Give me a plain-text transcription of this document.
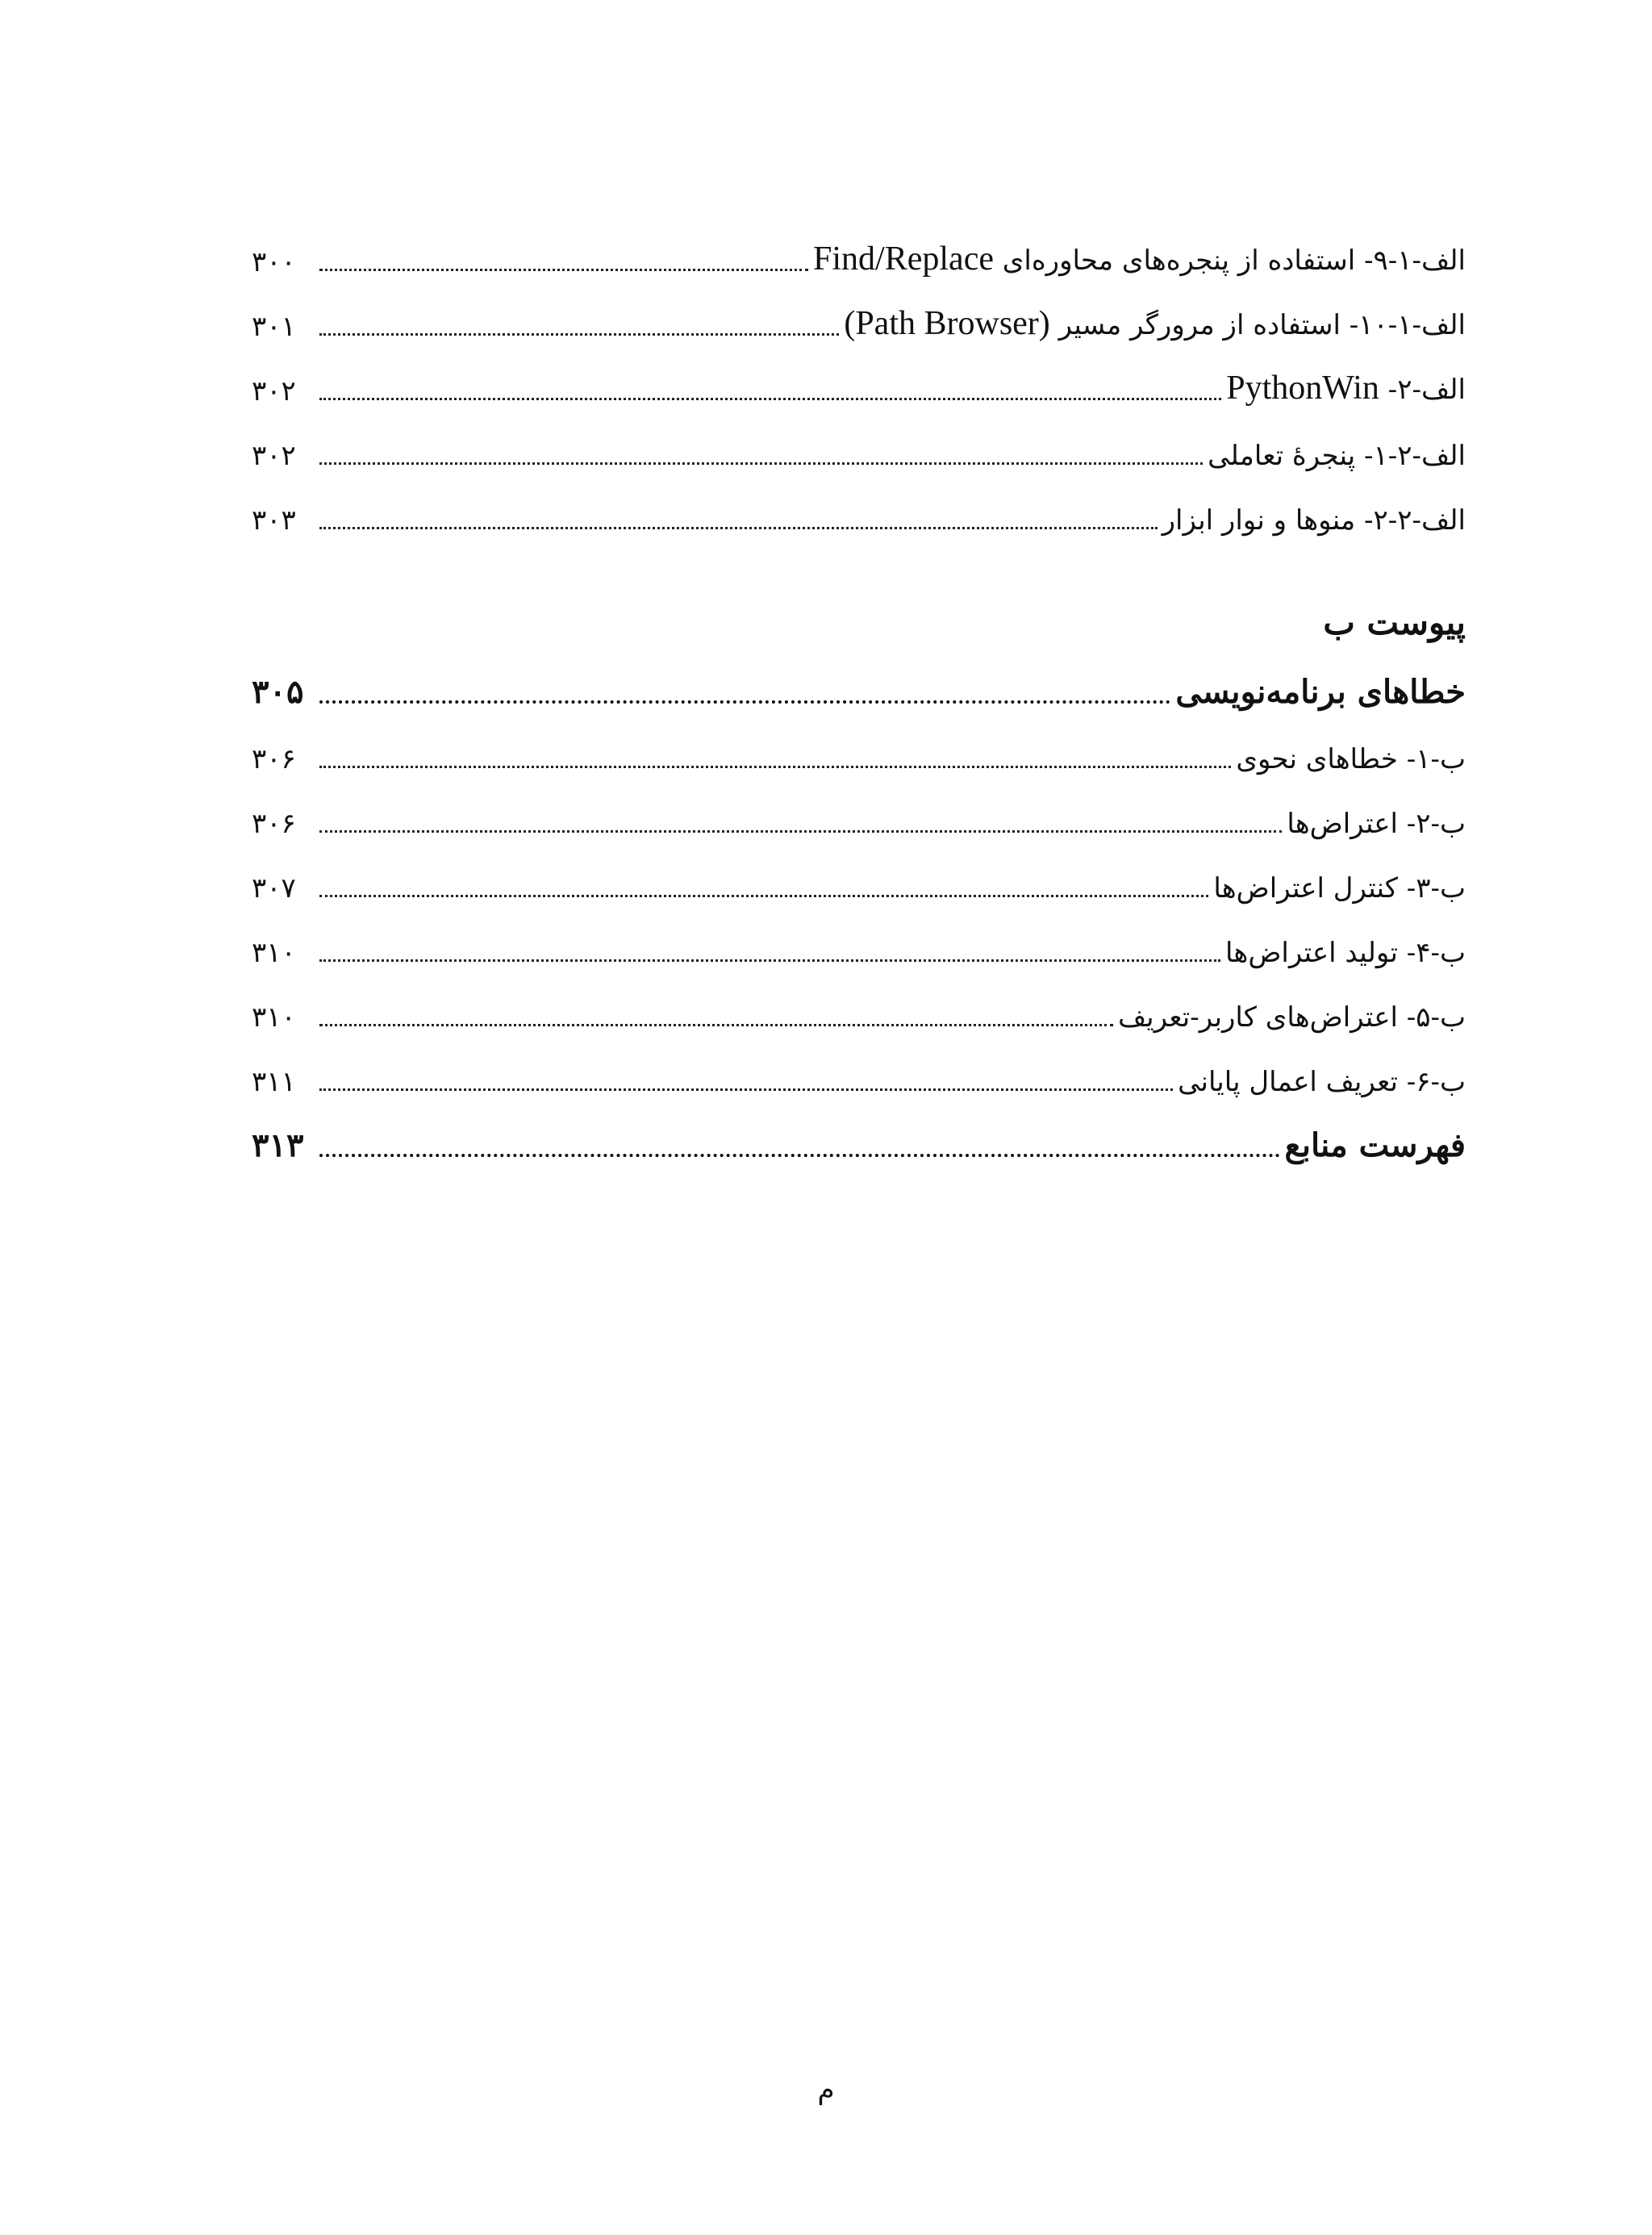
الف-۱-۹- استفاده از پنجره‌های محاوره‌ای Find/Replace
۳۰۰
الف-۱-۱۰- استفاده از مرورگر مسیر (Path Browser)
۳۰۱
الف-۲- PythonWin
۳۰۲
الف-۲-۱- پنجرۀ تعاملی
۳۰۲
الف-۲-۲- منوها و نوار ابزار
۳۰۳
پیوست ب
خطاهای برنامه‌نویسی
۳۰۵
ب-۱- خطاهای نحوی
۳۰۶
ب-۲- اعتراض‌ها
۳۰۶
ب-۳- کنترل اعتراض‌ها
۳۰۷
ب-۴- تولید اعتراض‌ها
۳۱۰
ب-۵- اعتراض‌های کاربر-تعریف
۳۱۰
ب-۶- تعریف اعمال پایانی
۳۱۱
فهرست منابع
۳۱۳
م
